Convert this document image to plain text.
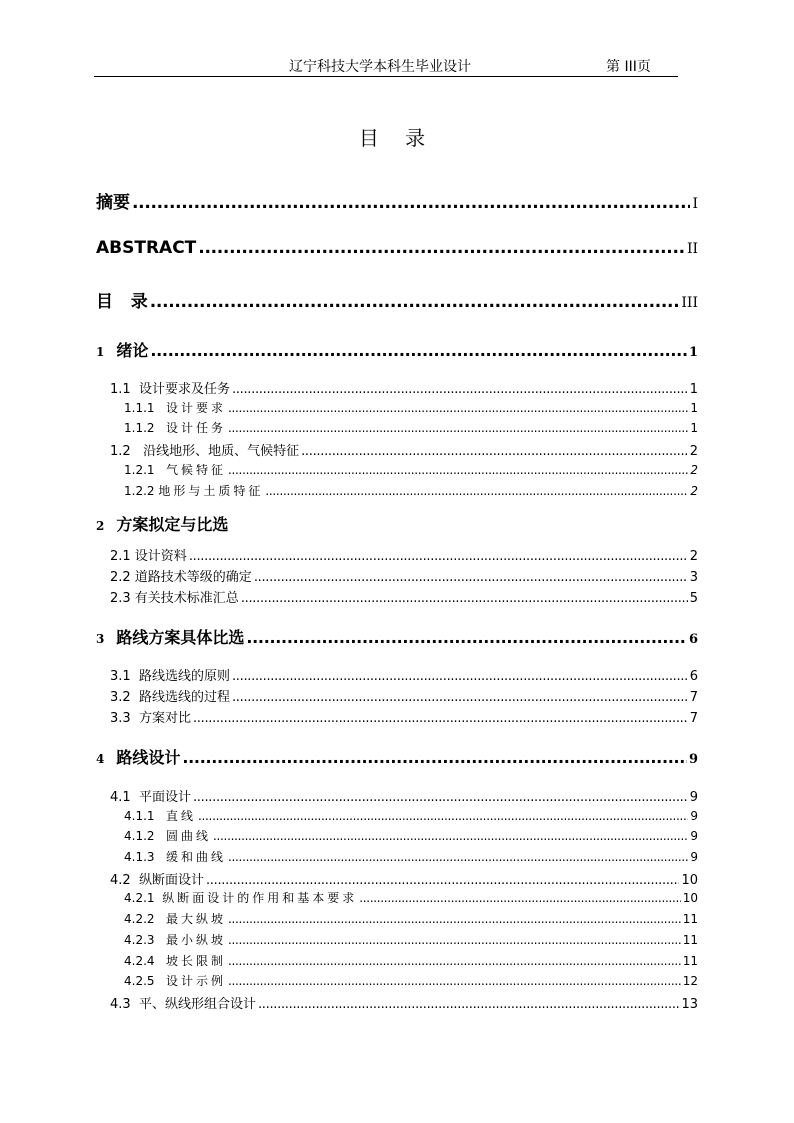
辽宁科技大学本科生毕业设计	第 III页
目 录
摘要 .....	I
ABSTRACT .....	II
目   录 .....	III
1 绪论 .....	1
1.1  设计要求及任务 .....	1
1.1.1 设计要求 .....	1
1.1.2 设计任务 .....	1
1.2   沿线地形、地质、气候特征 .....	2
1.2.1 气候特征 .....	2
1.2.2 地形与土质特征 .....	2
2 方案拟定与比选
2.1 设计资料 .....	2
2.2 道路技术等级的确定 .....	3
2.3 有关技术标准汇总 .....	5
3 路线方案具体比选 .....	6
3.1  路线选线的原则 .....	6
3.2  路线选线的过程 .....	7
3.3  方案对比 .....	7
4 路线设计 .....	9
4.1  平面设计 .....	9
4.1.1 直线 .....	9
4.1.2 圆曲线 .....	9
4.1.3 缓和曲线 .....	9
4.2  纵断面设计 .....	10
4.2.1 纵断面设计的作用和基本要求 .....	10
4.2.2 最大纵坡 .....	11
4.2.3 最小纵坡 .....	11
4.2.4 坡长限制 .....	11
4.2.5 设计示例 .....	12
4.3  平、纵线形组合设计 .....	13
